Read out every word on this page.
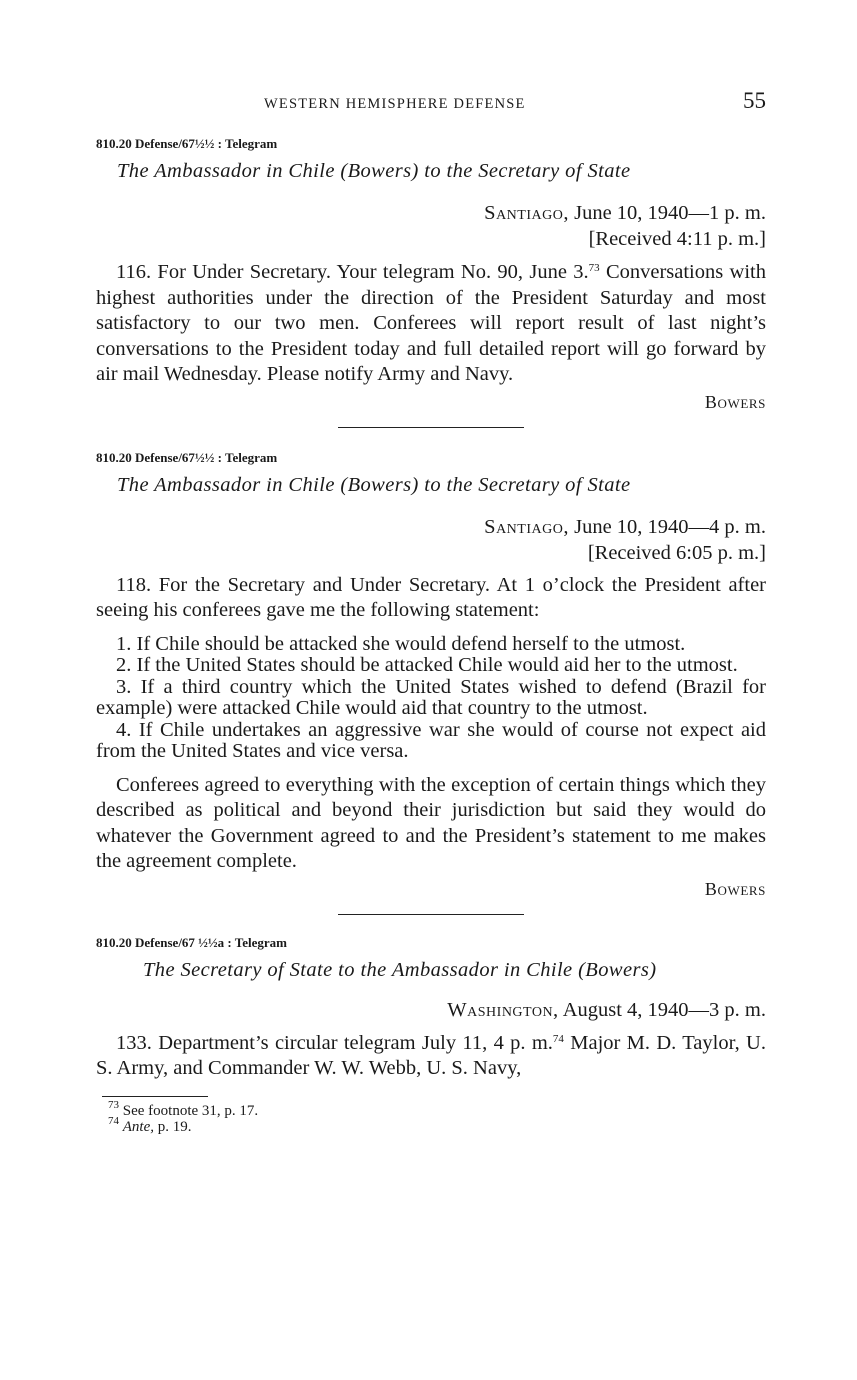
WESTERN HEMISPHERE DEFENSE	55

810.20 Defense/67½½ : Telegram

The Ambassador in Chile (Bowers) to the Secretary of State

Santiago, June 10, 1940—1 p. m.

[Received 4:11 p. m.]

116. For Under Secretary. Your telegram No. 90, June 3.73 Conversations with highest authorities under the direction of the President Saturday and most satisfactory to our two men. Conferees will report result of last night’s conversations to the President today and full detailed report will go forward by air mail Wednesday. Please notify Army and Navy.

Bowers

810.20 Defense/67½½ : Telegram

The Ambassador in Chile (Bowers) to the Secretary of State

Santiago, June 10, 1940—4 p. m.

[Received 6:05 p. m.]

118. For the Secretary and Under Secretary. At 1 o’clock the President after seeing his conferees gave me the following statement:

1. If Chile should be attacked she would defend herself to the utmost.
2. If the United States should be attacked Chile would aid her to the utmost.
3. If a third country which the United States wished to defend (Brazil for example) were attacked Chile would aid that country to the utmost.
4. If Chile undertakes an aggressive war she would of course not expect aid from the United States and vice versa.

Conferees agreed to everything with the exception of certain things which they described as political and beyond their jurisdiction but said they would do whatever the Government agreed to and the President’s statement to me makes the agreement complete.

Bowers

810.20 Defense/67 ½½a : Telegram

The Secretary of State to the Ambassador in Chile (Bowers)

Washington, August 4, 1940—3 p. m.

133. Department’s circular telegram July 11, 4 p. m.$^{74}$ Major M. D. Taylor, U. S. Army, and Commander W. W. Webb, U. S. Navy,

$^{73}$ See footnote 31, p. 17.

$^{74}$ Ante, p. 19.
